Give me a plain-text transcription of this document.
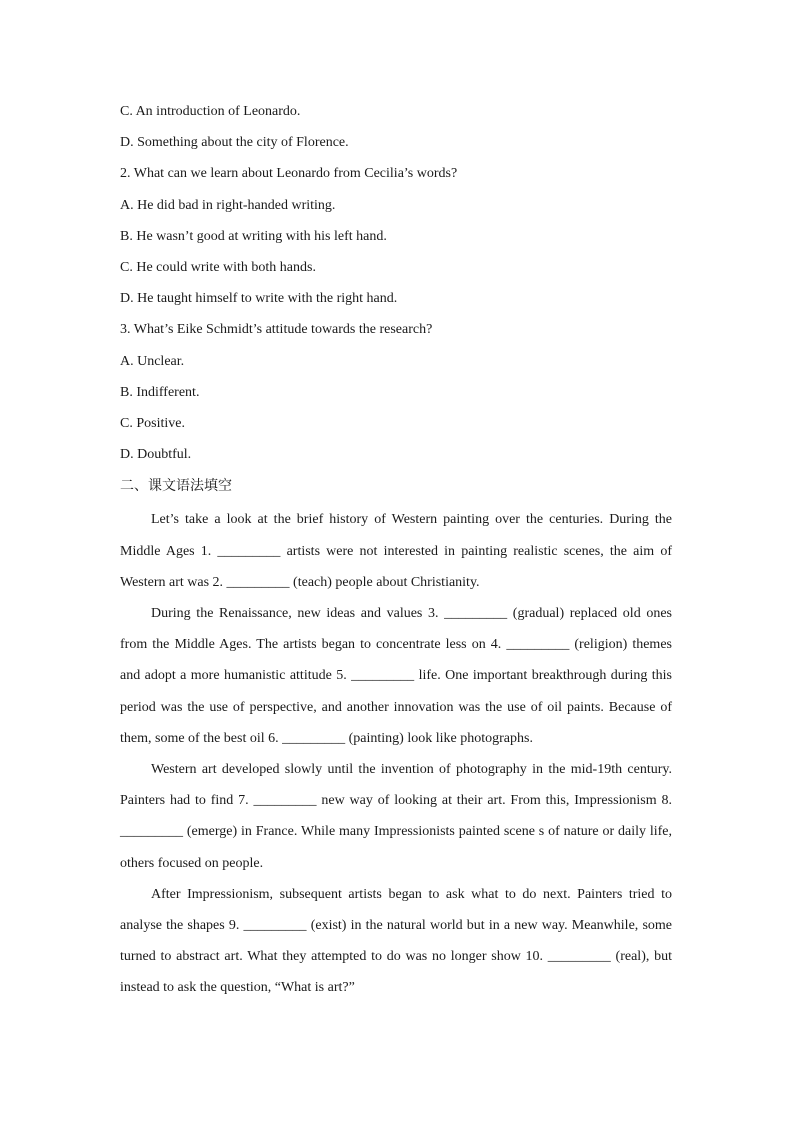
C. An introduction of Leonardo.
D. Something about the city of Florence.
2. What can we learn about Leonardo from Cecilia’s words?
A. He did bad in right-handed writing.
B. He wasn’t good at writing with his left hand.
C. He could write with both hands.
D. He taught himself to write with the right hand.
3. What’s Eike Schmidt’s attitude towards the research?
A. Unclear.
B. Indifferent.
C. Positive.
D. Doubtful.
二、课文语法填空

Let’s take a look at the brief history of Western painting over the centuries. During the Middle Ages 1. _________ artists were not interested in painting realistic scenes, the aim of Western art was 2. _________ (teach) people about Christianity.

During the Renaissance, new ideas and values 3. _________ (gradual) replaced old ones from the Middle Ages. The artists began to concentrate less on 4. _________ (religion) themes and adopt a more humanistic attitude 5. _________ life. One important breakthrough during this period was the use of perspective, and another innovation was the use of oil paints. Because of them, some of the best oil 6. _________ (painting) look like photographs.

Western art developed slowly until the invention of photography in the mid-19th century. Painters had to find 7. _________ new way of looking at their art. From this, Impressionism 8. _________ (emerge) in France. While many Impressionists painted scene s of nature or daily life, others focused on people.

After Impressionism, subsequent artists began to ask what to do next. Painters tried to analyse the shapes 9. _________ (exist) in the natural world but in a new way. Meanwhile, some turned to abstract art. What they attempted to do was no longer show 10. _________ (real), but instead to ask the question, “What is art?”
